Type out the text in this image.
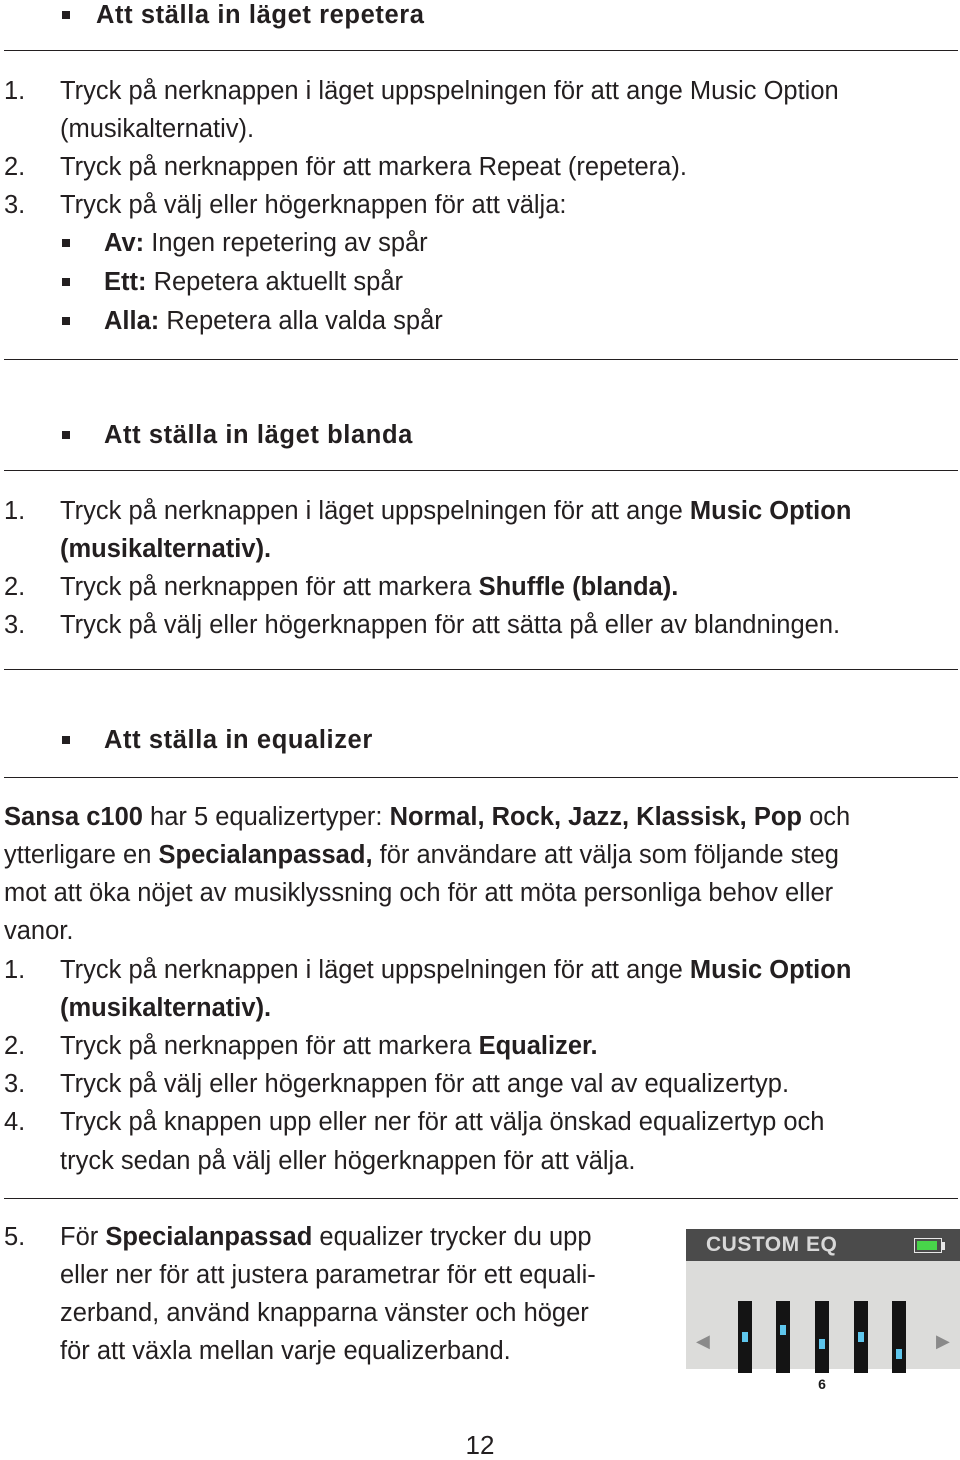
Att ställa in läget repetera
1. Tryck på nerknappen i läget uppspelningen för att ange Music Option

(musikalternativ).
2. Tryck på nerknappen för att markera Repeat (repetera).
3. Tryck på välj eller högerknappen för att välja:
Av: Ingen repetering av spår
Ett: Repetera aktuellt spår
Alla: Repetera alla valda spår
Att ställa in läget blanda
1. Tryck på nerknappen i läget uppspelningen för att ange Music Option
(musikalternativ).
2. Tryck på nerknappen för att markera Shuffle (blanda).
3. Tryck på välj eller högerknappen för att sätta på eller av blandningen.
Att ställa in equalizer
Sansa c100 har 5 equalizertyper: Normal, Rock, Jazz, Klassisk, Pop och
ytterligare en Specialanpassad, för användare att välja som följande steg
mot att öka nöjet av musiklyssning och för att möta personliga behov eller
vanor.
1. Tryck på nerknappen i läget uppspelningen för att ange Music Option
(musikalternativ).
2. Tryck på nerknappen för att markera Equalizer.
3. Tryck på välj eller högerknappen för att ange val av equalizertyp.
4. Tryck på knappen upp eller ner för att välja önskad equalizertyp och
tryck sedan på välj eller högerknappen för att välja.
5. För Specialanpassad equalizer trycker du upp
eller ner för att justera parametrar för ett equali-
zerband, använd knapparna vänster och höger
för att växla mellan varje equalizerband.
CUSTOM EQ
◀	▶
6
12
